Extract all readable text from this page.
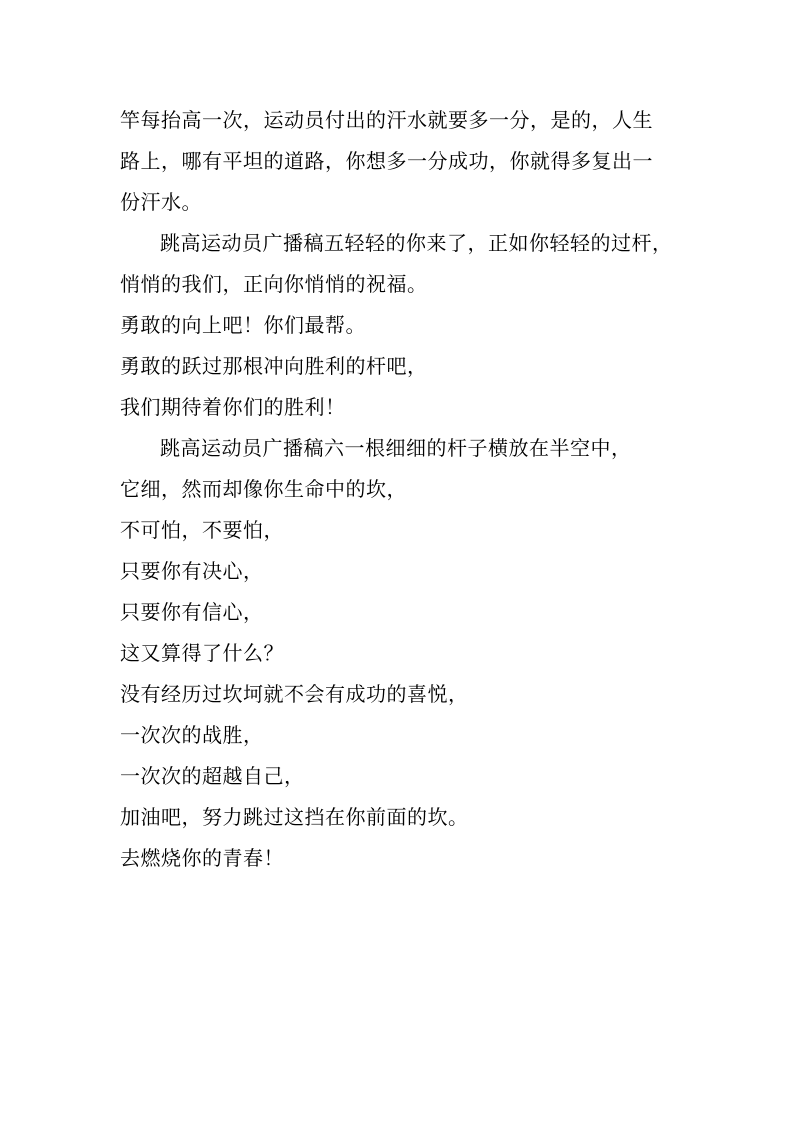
竿每抬高一次，运动员付出的汗水就要多一分，是的，人生
路上，哪有平坦的道路，你想多一分成功，你就得多复出一
份汗水。
跳高运动员广播稿五轻轻的你来了，正如你轻轻的过杆，
悄悄的我们，正向你悄悄的祝福。
勇敢的向上吧！你们最帮。
勇敢的跃过那根冲向胜利的杆吧，
我们期待着你们的胜利！
跳高运动员广播稿六一根细细的杆子横放在半空中，
它细，然而却像你生命中的坎，
不可怕，不要怕，
只要你有决心，
只要你有信心，
这又算得了什么？
没有经历过坎坷就不会有成功的喜悦，
一次次的战胜，
一次次的超越自己，
加油吧，努力跳过这挡在你前面的坎。
去燃烧你的青春！
